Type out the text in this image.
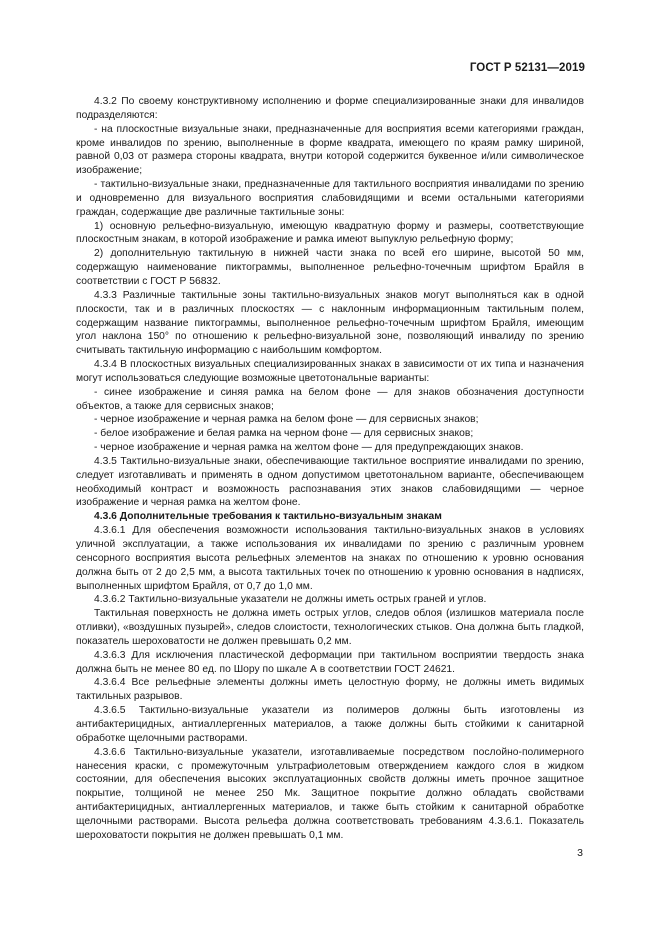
ГОСТ Р 52131—2019

4.3.2 По своему конструктивному исполнению и форме специализированные знаки для инвалидов подразделяются:

- на плоскостные визуальные знаки, предназначенные для восприятия всеми категориями граждан, кроме инвалидов по зрению, выполненные в форме квадрата, имеющего по краям рамку шириной, равной 0,03 от размера стороны квадрата, внутри которой содержится буквенное и/или символическое изображение;

- тактильно-визуальные знаки, предназначенные для тактильного восприятия инвалидами по зрению и одновременно для визуального восприятия слабовидящими и всеми остальными категориями граждан, содержащие две различные тактильные зоны:

1) основную рельефно-визуальную, имеющую квадратную форму и размеры, соответствующие плоскостным знакам, в которой изображение и рамка имеют выпуклую рельефную форму;

2) дополнительную тактильную в нижней части знака по всей его ширине, высотой 50 мм, содержащую наименование пиктограммы, выполненное рельефно-точечным шрифтом Брайля в соответствии с ГОСТ Р 56832.

4.3.3 Различные тактильные зоны тактильно-визуальных знаков могут выполняться как в одной плоскости, так и в различных плоскостях — с наклонным информационным тактильным полем, содержащим название пиктограммы, выполненное рельефно-точечным шрифтом Брайля, имеющим угол наклона 150° по отношению к рельефно-визуальной зоне, позволяющий инвалиду по зрению считывать тактильную информацию с наибольшим комфортом.

4.3.4 В плоскостных визуальных специализированных знаках в зависимости от их типа и назначения могут использоваться следующие возможные цветотональные варианты:

- синее изображение и синяя рамка на белом фоне — для знаков обозначения доступности объектов, а также для сервисных знаков;

- черное изображение и черная рамка на белом фоне — для сервисных знаков;

- белое изображение и белая рамка на черном фоне — для сервисных знаков;

- черное изображение и черная рамка на желтом фоне — для предупреждающих знаков.

4.3.5 Тактильно-визуальные знаки, обеспечивающие тактильное восприятие инвалидами по зрению, следует изготавливать и применять в одном допустимом цветотональном варианте, обеспечивающем необходимый контраст и возможность распознавания этих знаков слабовидящими — черное изображение и черная рамка на желтом фоне.

4.3.6 Дополнительные требования к тактильно-визуальным знакам

4.3.6.1 Для обеспечения возможности использования тактильно-визуальных знаков в условиях уличной эксплуатации, а также использования их инвалидами по зрению с различным уровнем сенсорного восприятия высота рельефных элементов на знаках по отношению к уровню основания должна быть от 2 до 2,5 мм, а высота тактильных точек по отношению к уровню основания в надписях, выполненных шрифтом Брайля, от 0,7 до 1,0 мм.

4.3.6.2 Тактильно-визуальные указатели не должны иметь острых граней и углов.

Тактильная поверхность не должна иметь острых углов, следов облоя (излишков материала после отливки), «воздушных пузырей», следов слоистости, технологических стыков. Она должна быть гладкой, показатель шероховатости не должен превышать 0,2 мм.

4.3.6.3 Для исключения пластической деформации при тактильном восприятии твердость знака должна быть не менее 80 ед. по Шору по шкале А в соответствии ГОСТ 24621.

4.3.6.4 Все рельефные элементы должны иметь целостную форму, не должны иметь видимых тактильных разрывов.

4.3.6.5 Тактильно-визуальные указатели из полимеров должны быть изготовлены из антибактерицидных, антиаллергенных материалов, а также должны быть стойкими к санитарной обработке щелочными растворами.

4.3.6.6 Тактильно-визуальные указатели, изготавливаемые посредством послойно-полимерного нанесения краски, с промежуточным ультрафиолетовым отверждением каждого слоя в жидком состоянии, для обеспечения высоких эксплуатационных свойств должны иметь прочное защитное покрытие, толщиной не менее 250 Мк. Защитное покрытие должно обладать свойствами антибактерицидных, антиаллергенных материалов, и также быть стойким к санитарной обработке щелочными растворами. Высота рельефа должна соответствовать требованиям 4.3.6.1. Показатель шероховатости покрытия не должен превышать 0,1 мм.

3
